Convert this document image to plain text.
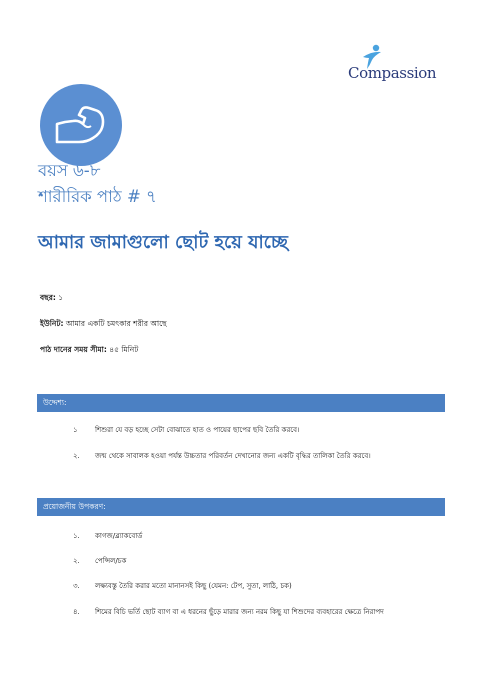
Compassion
বয়স ৬-৮
শারীরিক পাঠ # ৭
আমার জামাগুলো ছোট হয়ে যাচ্ছে
বছর: ১
ইউনিট: আমার একটি চমৎকার শরীর আছে
পাঠ দানের সময় সীমা: ৪৫ মিনিট
উদ্দেশ্য:
১ শিশুরা যে বড় হচ্ছে সেটা বোঝাতে হাত ও পায়ের ছাপের ছবি তৈরি করবে।
২. জন্ম থেকে সাবালক হওয়া পর্যন্ত উচ্চতার পরিবর্তন দেখানোর জন্য একটি বৃদ্ধির তালিকা তৈরি করবে।
প্রয়োজনীয় উপকরণ:
১. কাগজ/ব্ল্যাকবোর্ড
২. পেন্সিল/চক
৩. লক্ষ্যবস্তু তৈরি করার মতো মানানসই কিছু (যেমন: টেপ, সুতা, লাঠি, চক)
৪. শিমের বিচি ভর্তি ছোট ব্যাগ বা এ ধরনের ছুঁড়ে মারার জন্য নরম কিছু যা শিশুদের ব্যবহারের ক্ষেত্রে নিরাপদ
